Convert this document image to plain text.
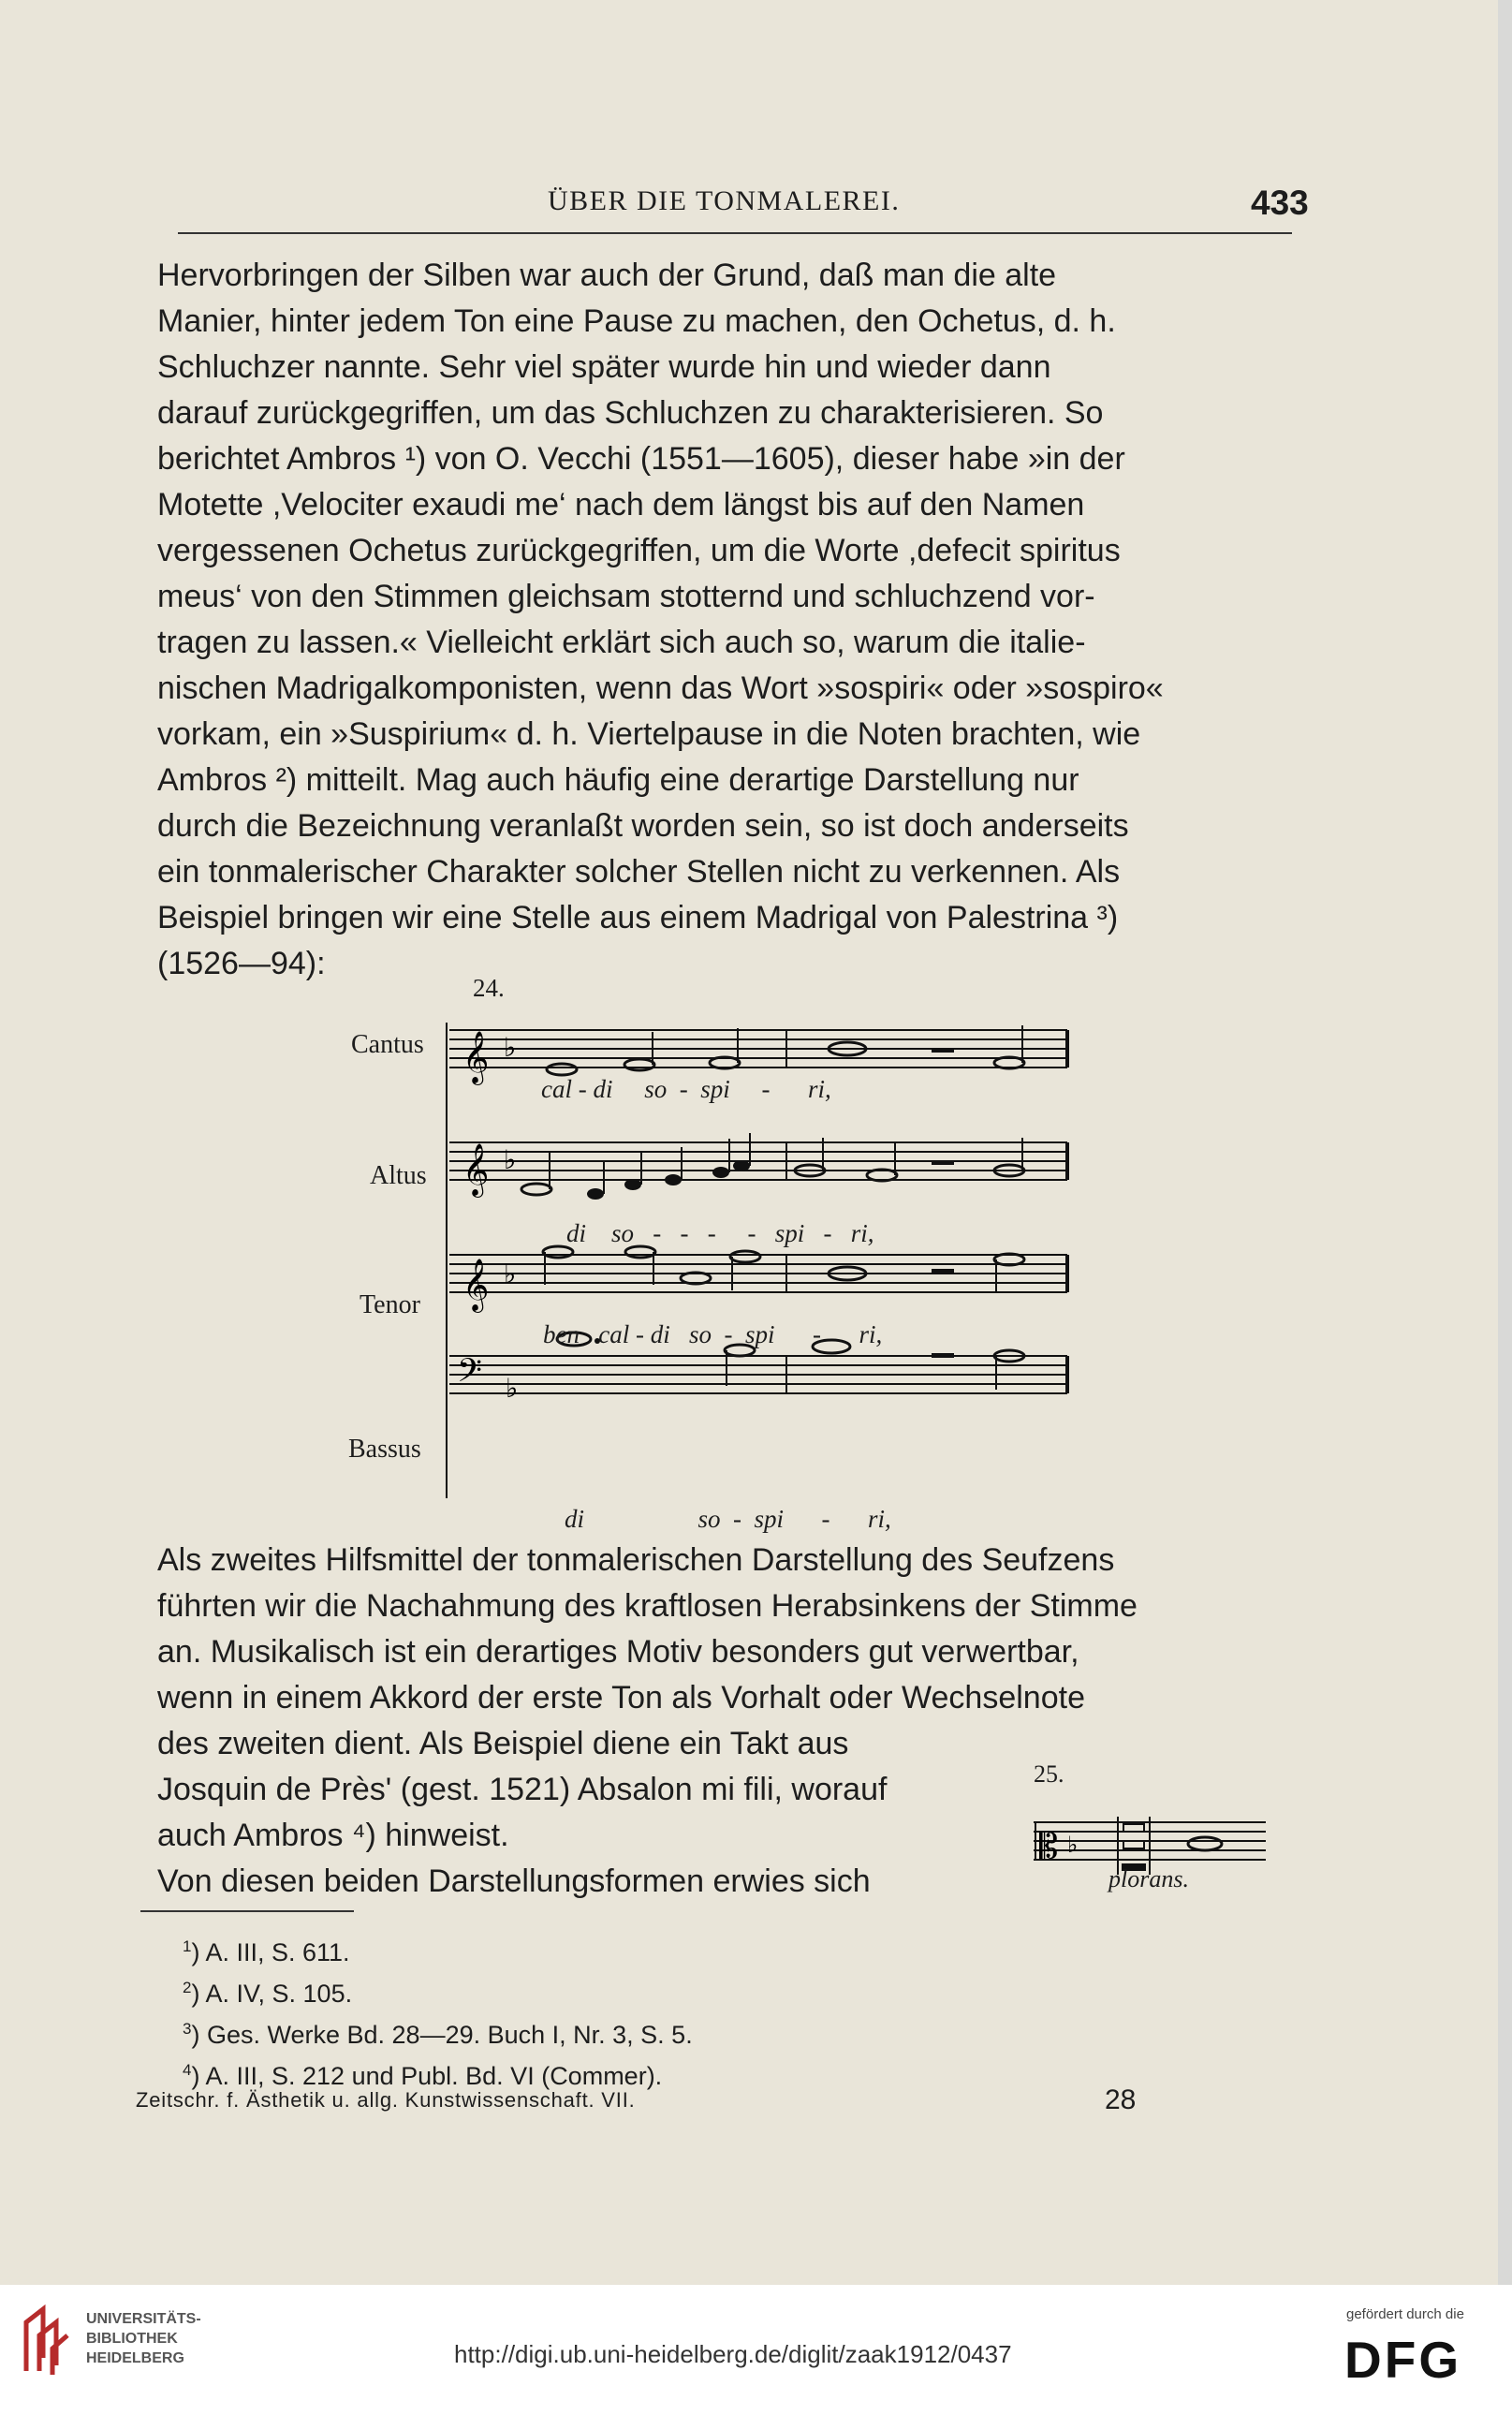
ÜBER DIE TONMALEREI.	433

Hervorbringen der Silben war auch der Grund, daß man die alte
Manier, hinter jedem Ton eine Pause zu machen, den Ochetus, d. h.
Schluchzer nannte. Sehr viel später wurde hin und wieder dann
darauf zurückgegriffen, um das Schluchzen zu charakterisieren. So
berichtet Ambros ¹) von O. Vecchi (1551—1605), dieser habe »in der
Motette ,Velociter exaudi me‘ nach dem längst bis auf den Namen
vergessenen Ochetus zurückgegriffen, um die Worte ,defecit spiritus
meus‘ von den Stimmen gleichsam stotternd und schluchzend vor-
tragen zu lassen.« Vielleicht erklärt sich auch so, warum die italie-
nischen Madrigalkomponisten, wenn das Wort »sospiri« oder »sospiro«
vorkam, ein »Suspirium« d. h. Viertelpause in die Noten brachten, wie
Ambros ²) mitteilt. Mag auch häufig eine derartige Darstellung nur
durch die Bezeichnung veranlaßt worden sein, so ist doch anderseits
ein tonmalerischer Charakter solcher Stellen nicht zu verkennen. Als
Beispiel bringen wir eine Stelle aus einem Madrigal von Palestrina ³)
(1526—94):

24.
𝄞 ♭
𝄞 ♭
𝄞 ♭
𝄢 ♭
Cantus
cal - di     so  -  spi     -      ri,
Altus
di    so   -   -   -     -   spi   -   ri,
Tenor
ben   cal - di   so  -  spi      -      ri,
Bassus
di                  so  -  spi      -      ri,

Als zweites Hilfsmittel der tonmalerischen Darstellung des Seufzens
führten wir die Nachahmung des kraftlosen Herabsinkens der Stimme
an. Musikalisch ist ein derartiges Motiv besonders gut verwertbar,
wenn in einem Akkord der erste Ton als Vorhalt oder Wechselnote

des zweiten dient. Als Beispiel diene ein Takt aus
Josquin de Près' (gest. 1521) Absalon mi fili, worauf
auch Ambros ⁴) hinweist.

Von diesen beiden Darstellungsformen erwies sich

25.
𝄡 ♭
plorans.
$^1$) A. III, S. 611.
$^2$) A. IV, S. 105.
$^3$) Ges. Werke Bd. 28—29. Buch I, Nr. 3, S. 5.
$^4$) A. III, S. 212 und Publ. Bd. VI (Commer).
Zeitschr. f. Ästhetik u. allg. Kunstwissenschaft. VII.	28
UNIVERSITÄTS-
BIBLIOTHEK
HEIDELBERG	http://digi.ub.uni-heidelberg.de/diglit/zaak1912/0437
gefördert durch die
DFG
